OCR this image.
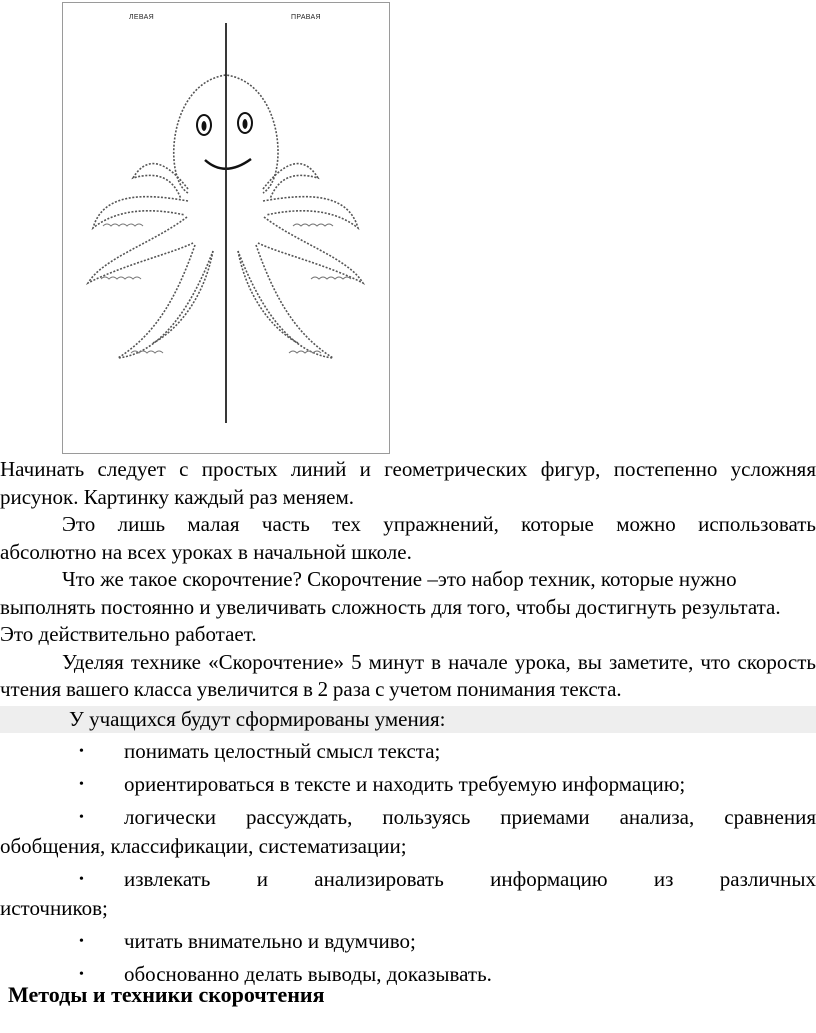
ЛЕВАЯ	ПРАВАЯ

Начинать следует с простых линий и геометрических фигур, постепенно усложняя рисунок. Картинку каждый раз меняем.

Это лишь малая часть тех упражнений, которые можно использовать

абсолютно на всех уроках в начальной школе.

Что же такое скорочтение? Скорочтение –это набор техник, которые нужно выполнять постоянно и увеличивать сложность для того, чтобы достигнуть результата. Это действительно работает.

Уделяя технике «Скорочтение» 5 минут в начале урока, вы заметите, что скорость чтения вашего класса увеличится в 2 раза с учетом понимания текста.

У учащихся будут сформированы умения:

• понимать целостный смысл текста;
• ориентироваться в тексте и находить требуемую информацию;
•	логически рассуждать, пользуясь приемами анализа, сравнения
обобщения, классификации, систематизации;
•	извлекать и анализировать информацию из различных
источников;
• читать внимательно и вдумчиво;
• обоснованно делать выводы, доказывать.
Методы и техники скорочтения
